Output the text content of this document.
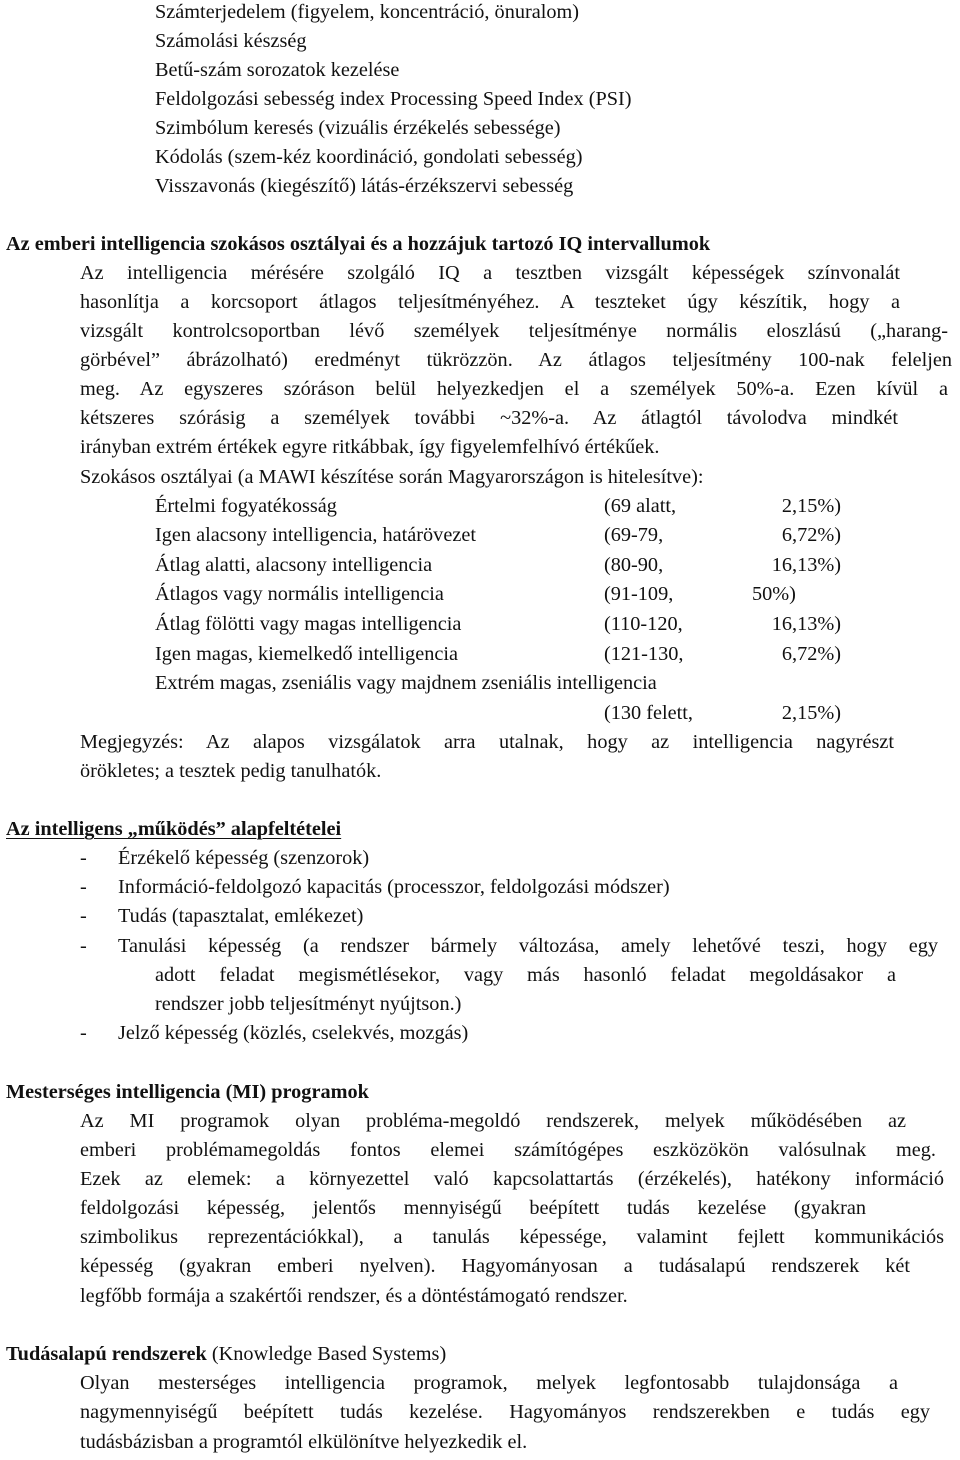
Számterjedelem (figyelem, koncentráció, önuralom)
Számolási készség
Betű-szám sorozatok kezelése
Feldolgozási sebesség index Processing Speed Index (PSI)
Szimbólum keresés (vizuális érzékelés sebessége)
Kódolás (szem-kéz koordináció, gondolati sebesség)
Visszavonás (kiegészítő) látás-érzékszervi sebesség
Az emberi intelligencia szokásos osztályai és a hozzájuk tartozó IQ intervallumok
Az intelligencia mérésére szolgáló IQ a tesztben vizsgált képességek színvonalát
hasonlítja a korcsoport átlagos teljesítményéhez. A teszteket úgy készítik, hogy a
vizsgált kontrolcsoportban lévő személyek teljesítménye normális eloszlású („harang-
görbével” ábrázolható) eredményt tükrözzön. Az átlagos teljesítmény 100-nak feleljen
meg. Az egyszeres szóráson belül helyezkedjen el a személyek 50%-a. Ezen kívül a
kétszeres szórásig a személyek további ~32%-a. Az átlagtól távolodva mindkét
irányban extrém értékek egyre ritkábbak, így figyelemfelhívó értékűek.
Szokásos osztályai (a MAWI készítése során Magyarországon is hitelesítve):
Értelmi fogyatékosság	(69 alatt,	2,15%)
Igen alacsony intelligencia, határövezet	(69-79,	6,72%)
Átlag alatti, alacsony intelligencia	(80-90,	16,13%)
Átlagos vagy normális intelligencia	(91-109,	50%)
Átlag fölötti vagy magas intelligencia	(110-120,	16,13%)
Igen magas, kiemelkedő intelligencia	(121-130,	6,72%)
Extrém magas, zseniális vagy majdnem zseniális intelligencia
(130 felett,	2,15%)
Megjegyzés: Az alapos vizsgálatok arra utalnak, hogy az intelligencia nagyrészt
örökletes; a tesztek pedig tanulhatók.
Az intelligens „működés” alapfeltételei
- Érzékelő képesség (szenzorok)
- Információ-feldolgozó kapacitás (processzor, feldolgozási módszer)
- Tudás (tapasztalat, emlékezet)
- Tanulási képesség (a rendszer bármely változása, amely lehetővé teszi, hogy egy
adott feladat megismétlésekor, vagy más hasonló feladat megoldásakor a
rendszer jobb teljesítményt nyújtson.)
- Jelző képesség (közlés, cselekvés, mozgás)
Mesterséges intelligencia (MI) programok
Az MI programok olyan probléma-megoldó rendszerek, melyek működésében az
emberi problémamegoldás fontos elemei számítógépes eszközökön valósulnak meg.
Ezek az elemek: a környezettel való kapcsolattartás (érzékelés), hatékony információ
feldolgozási képesség, jelentős mennyiségű beépített tudás kezelése (gyakran
szimbolikus reprezentációkkal), a tanulás képessége, valamint fejlett kommunikációs
képesség (gyakran emberi nyelven). Hagyományosan a tudásalapú rendszerek két
legfőbb formája a szakértői rendszer, és a döntéstámogató rendszer.
Tudásalapú rendszerek (Knowledge Based Systems)
Olyan mesterséges intelligencia programok, melyek legfontosabb tulajdonsága a
nagymennyiségű beépített tudás kezelése. Hagyományos rendszerekben e tudás egy
tudásbázisban a programtól elkülönítve helyezkedik el.
